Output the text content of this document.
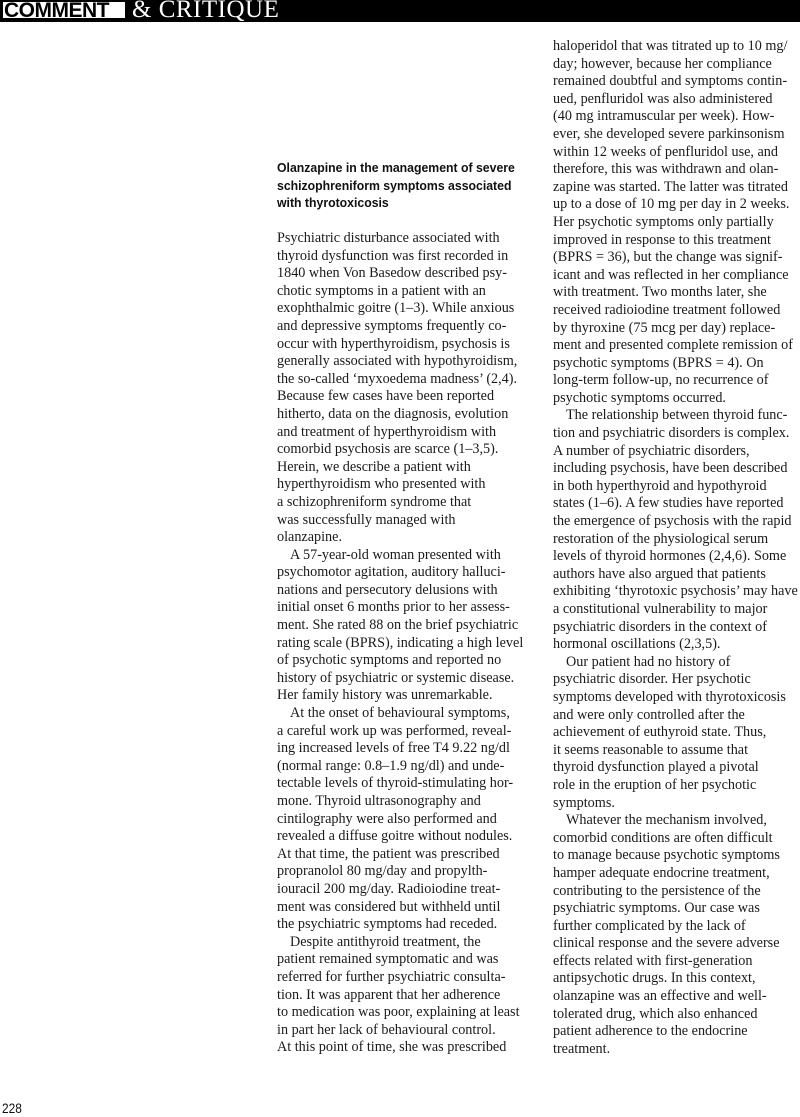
COMMENT & CRITIQUE
Olanzapine in the management of severe
schizophreniform symptoms associated
with thyrotoxicosis
Psychiatric disturbance associated with
thyroid dysfunction was first recorded in
1840 when Von Basedow described psy-
chotic symptoms in a patient with an
exophthalmic goitre (1–3). While anxious
and depressive symptoms frequently co-
occur with hyperthyroidism, psychosis is
generally associated with hypothyroidism,
the so-called ‘myxoedema madness’ (2,4).
Because few cases have been reported
hitherto, data on the diagnosis, evolution
and treatment of hyperthyroidism with
comorbid psychosis are scarce (1–3,5).
Herein, we describe a patient with
hyperthyroidism who presented with
a schizophreniform syndrome that
was successfully managed with
olanzapine.
A 57-year-old woman presented with
psychomotor agitation, auditory halluci-
nations and persecutory delusions with
initial onset 6 months prior to her assess-
ment. She rated 88 on the brief psychiatric
rating scale (BPRS), indicating a high level
of psychotic symptoms and reported no
history of psychiatric or systemic disease.
Her family history was unremarkable.
At the onset of behavioural symptoms,
a careful work up was performed, reveal-
ing increased levels of free T4 9.22 ng/dl
(normal range: 0.8–1.9 ng/dl) and unde-
tectable levels of thyroid-stimulating hor-
mone. Thyroid ultrasonography and
cintilography were also performed and
revealed a diffuse goitre without nodules.
At that time, the patient was prescribed
propranolol 80 mg/day and propylth-
iouracil 200 mg/day. Radioiodine treat-
ment was considered but withheld until
the psychiatric symptoms had receded.
Despite antithyroid treatment, the
patient remained symptomatic and was
referred for further psychiatric consulta-
tion. It was apparent that her adherence
to medication was poor, explaining at least
in part her lack of behavioural control.
At this point of time, she was prescribed
haloperidol that was titrated up to 10 mg/
day; however, because her compliance
remained doubtful and symptoms contin-
ued, penfluridol was also administered
(40 mg intramuscular per week). How-
ever, she developed severe parkinsonism
within 12 weeks of penfluridol use, and
therefore, this was withdrawn and olan-
zapine was started. The latter was titrated
up to a dose of 10 mg per day in 2 weeks.
Her psychotic symptoms only partially
improved in response to this treatment
(BPRS = 36), but the change was signif-
icant and was reflected in her compliance
with treatment. Two months later, she
received radioiodine treatment followed
by thyroxine (75 mcg per day) replace-
ment and presented complete remission of
psychotic symptoms (BPRS = 4). On
long-term follow-up, no recurrence of
psychotic symptoms occurred.
The relationship between thyroid func-
tion and psychiatric disorders is complex.
A number of psychiatric disorders,
including psychosis, have been described
in both hyperthyroid and hypothyroid
states (1–6). A few studies have reported
the emergence of psychosis with the rapid
restoration of the physiological serum
levels of thyroid hormones (2,4,6). Some
authors have also argued that patients
exhibiting ‘thyrotoxic psychosis’ may have
a constitutional vulnerability to major
psychiatric disorders in the context of
hormonal oscillations (2,3,5).
Our patient had no history of
psychiatric disorder. Her psychotic
symptoms developed with thyrotoxicosis
and were only controlled after the
achievement of euthyroid state. Thus,
it seems reasonable to assume that
thyroid dysfunction played a pivotal
role in the eruption of her psychotic
symptoms.
Whatever the mechanism involved,
comorbid conditions are often difficult
to manage because psychotic symptoms
hamper adequate endocrine treatment,
contributing to the persistence of the
psychiatric symptoms. Our case was
further complicated by the lack of
clinical response and the severe adverse
effects related with first-generation
antipsychotic drugs. In this context,
olanzapine was an effective and well-
tolerated drug, which also enhanced
patient adherence to the endocrine
treatment.
228
